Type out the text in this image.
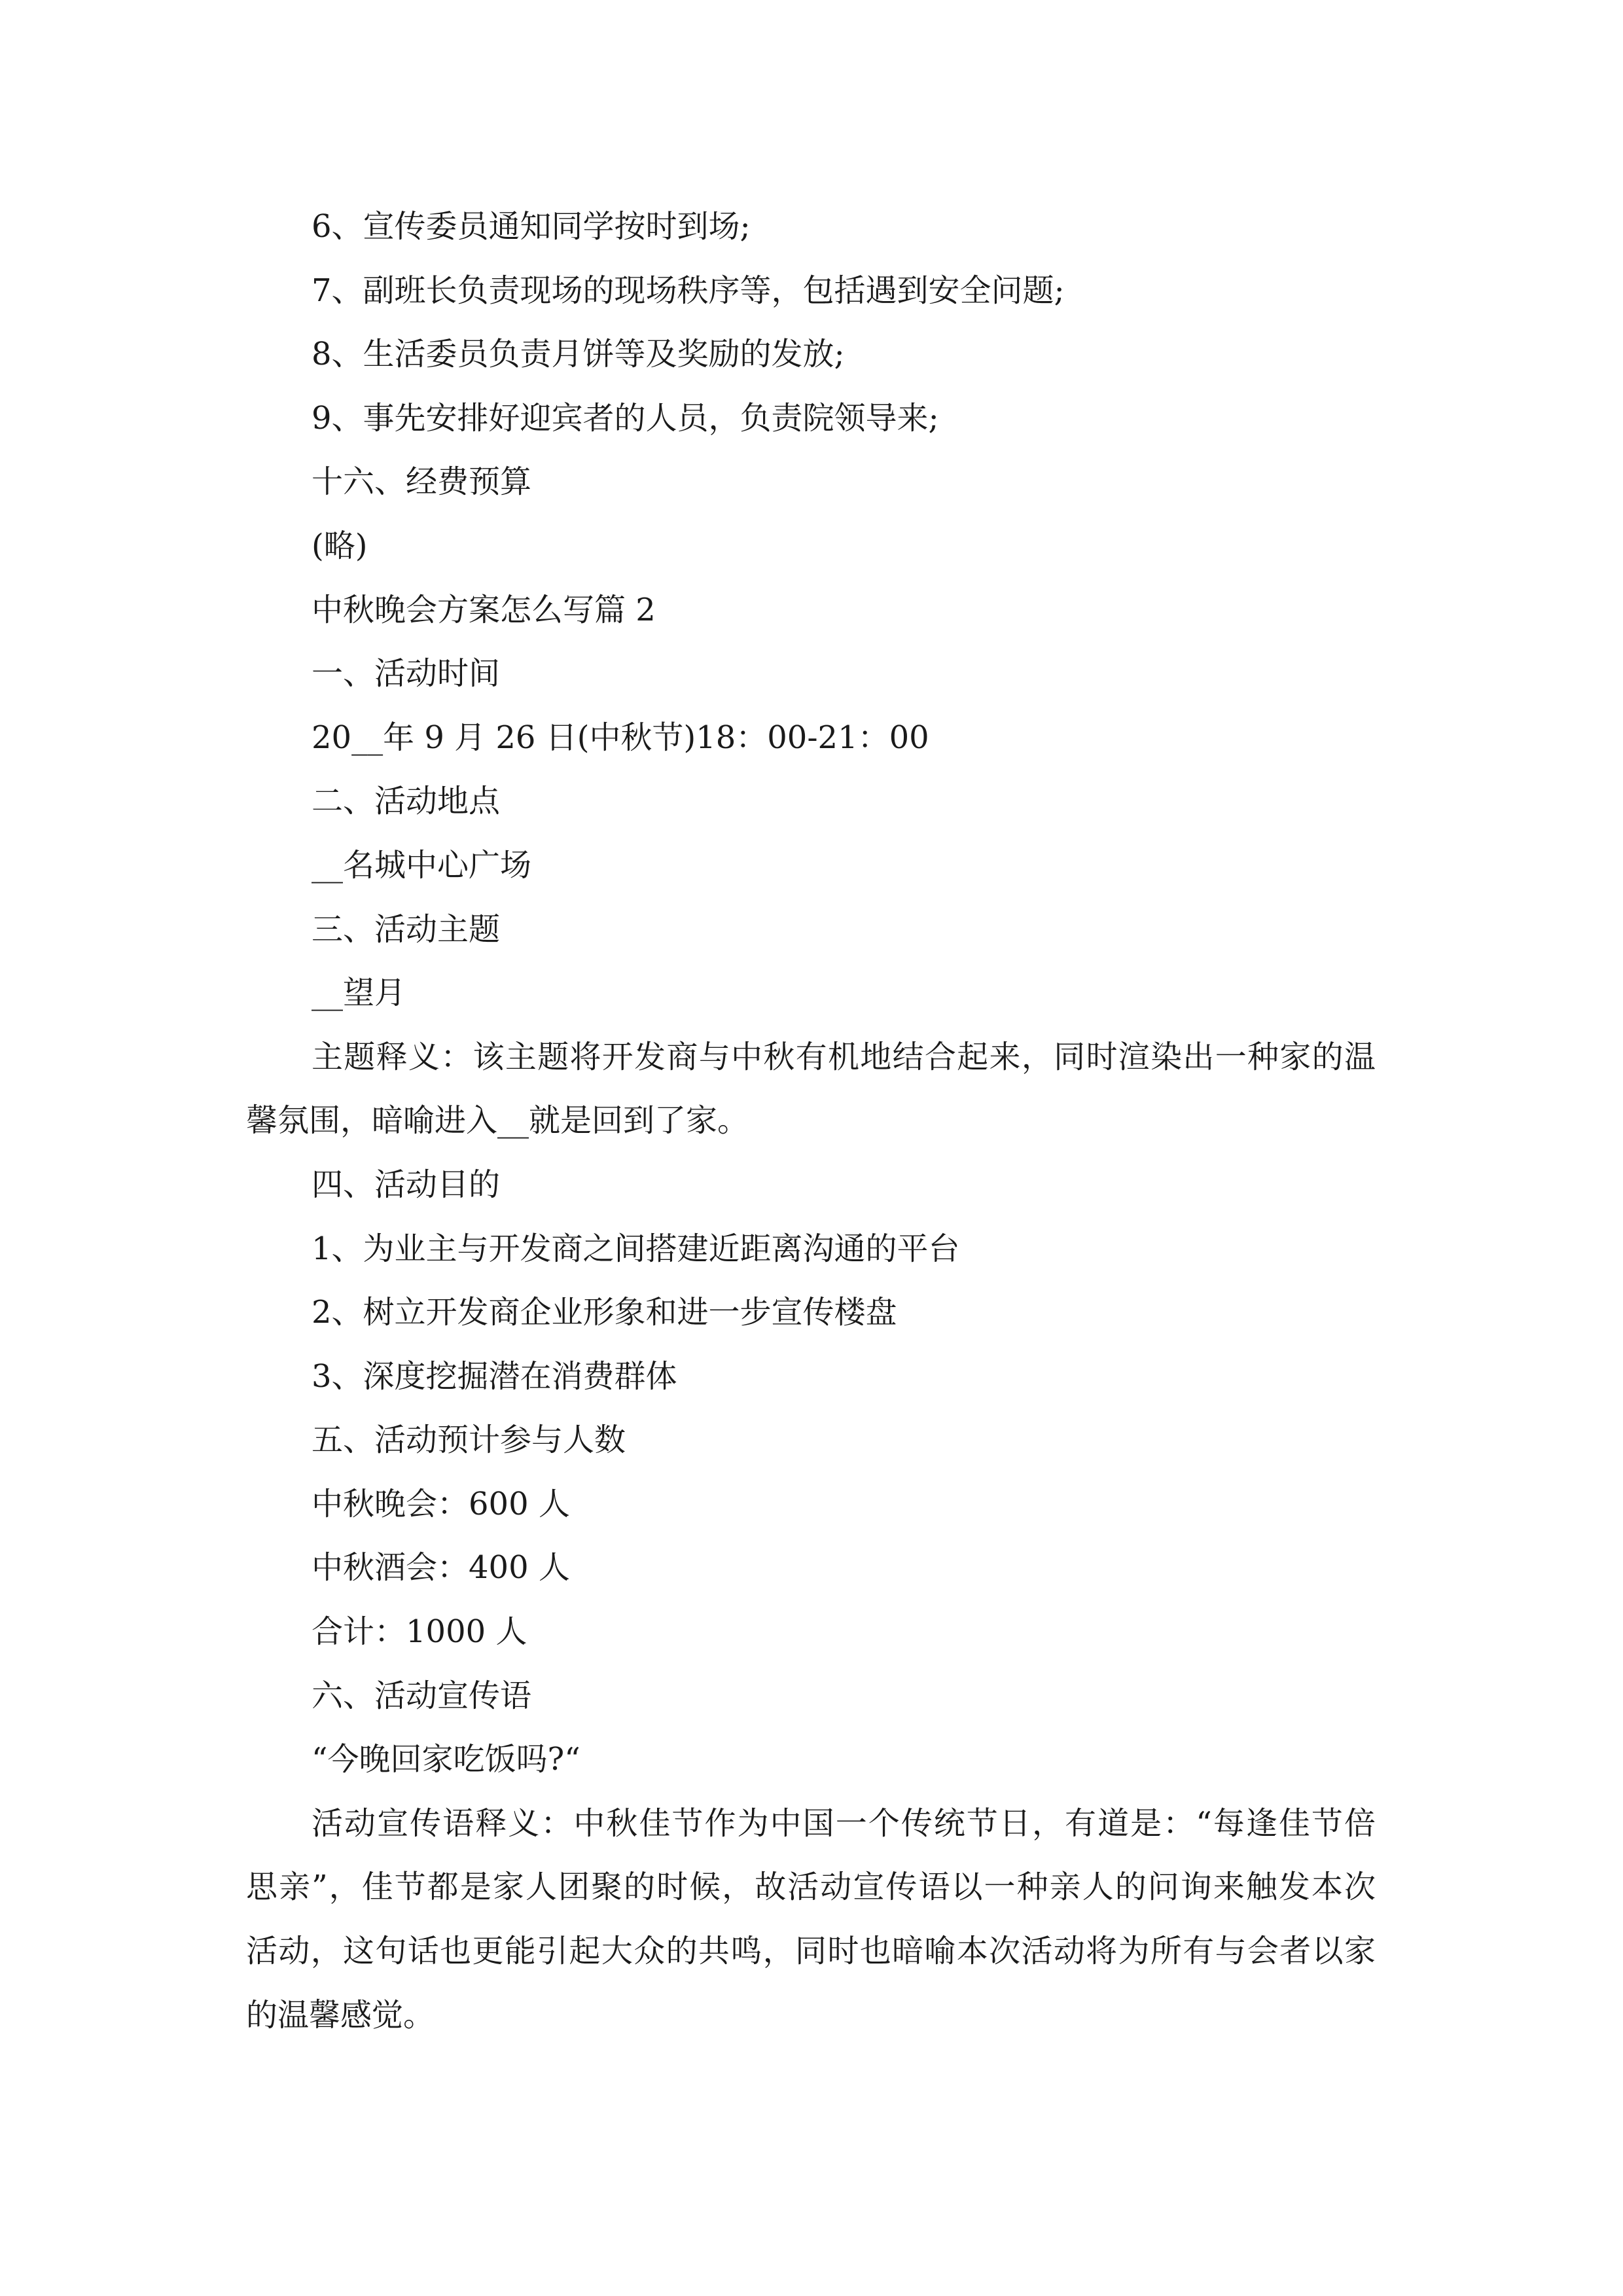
6、宣传委员通知同学按时到场;
7、副班长负责现场的现场秩序等，包括遇到安全问题;
8、生活委员负责月饼等及奖励的发放;
9、事先安排好迎宾者的人员，负责院领导来;
十六、经费预算
(略)
中秋晚会方案怎么写篇 2
一、活动时间
20__年 9 月 26 日(中秋节)18：00-21：00
二、活动地点
__名城中心广场
三、活动主题
__望月
主题释义：该主题将开发商与中秋有机地结合起来，同时渲染出一种家的温
馨氛围，暗喻进入__就是回到了家。
四、活动目的
1、为业主与开发商之间搭建近距离沟通的平台
2、树立开发商企业形象和进一步宣传楼盘
3、深度挖掘潜在消费群体
五、活动预计参与人数
中秋晚会：600 人
中秋酒会：400 人
合计：1000 人
六、活动宣传语
“今晚回家吃饭吗?“
活动宣传语释义：中秋佳节作为中国一个传统节日，有道是：“每逢佳节倍
思亲”，佳节都是家人团聚的时候，故活动宣传语以一种亲人的问询来触发本次
活动，这句话也更能引起大众的共鸣，同时也暗喻本次活动将为所有与会者以家
的温馨感觉。
